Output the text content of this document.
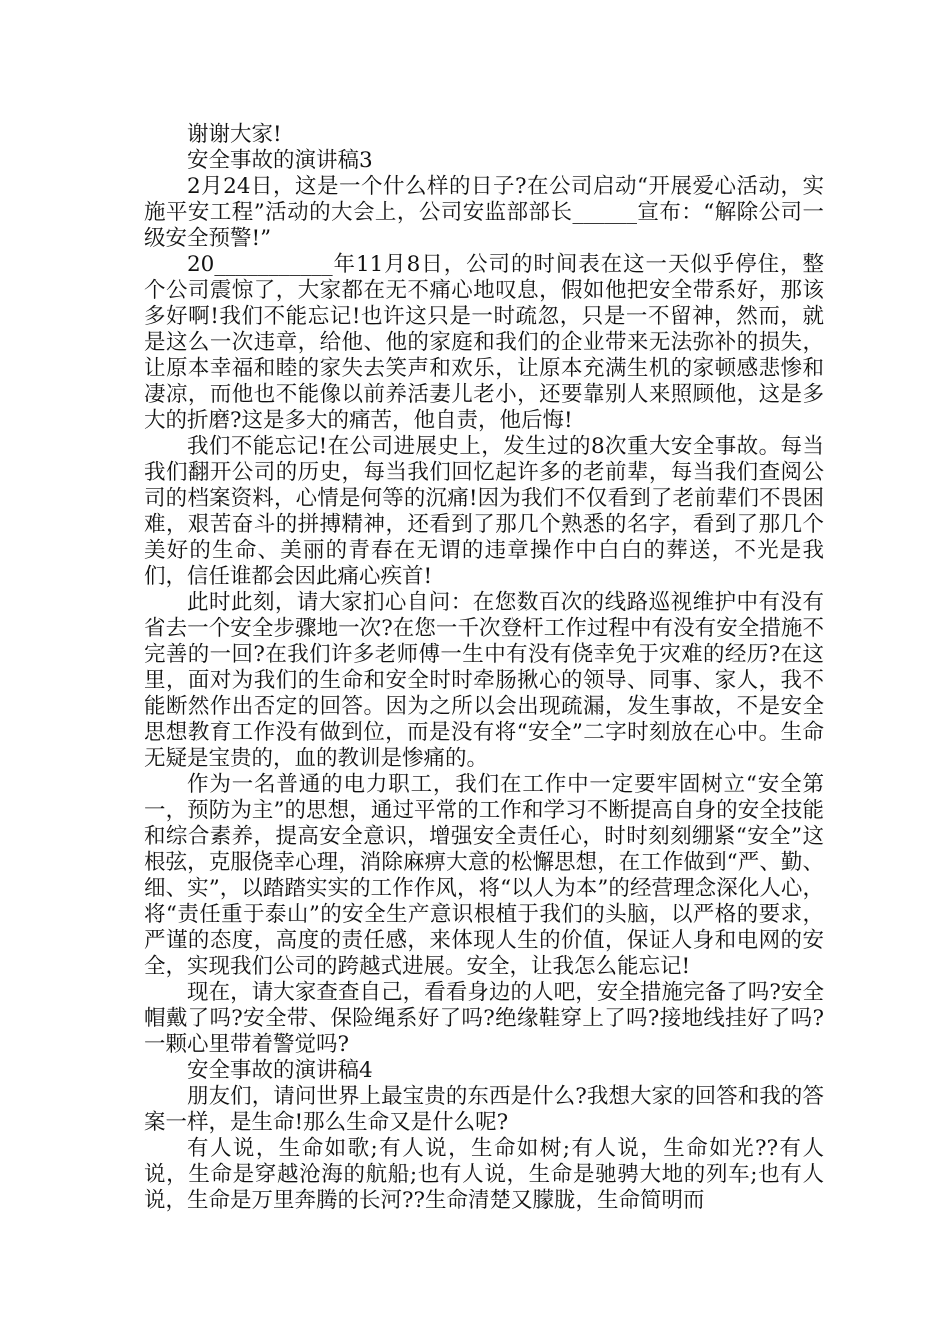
谢谢大家!

安全事故的演讲稿3

2月24日，这是一个什么样的日子?在公司启动“开展爱心活动，实施平安工程”活动的大会上，公司安监部部长______宣布：“解除公司一级安全预警!”

20___________年11月8日，公司的时间表在这一天似乎停住，整个公司震惊了，大家都在无不痛心地叹息，假如他把安全带系好，那该多好啊!我们不能忘记!也许这只是一时疏忽，只是一不留神，然而，就是这么一次违章，给他、他的家庭和我们的企业带来无法弥补的损失，让原本幸福和睦的家失去笑声和欢乐，让原本充满生机的家顿感悲惨和凄凉，而他也不能像以前养活妻儿老小，还要靠别人来照顾他，这是多大的折磨?这是多大的痛苦，他自责，他后悔!

我们不能忘记!在公司进展史上，发生过的8次重大安全事故。每当我们翻开公司的历史，每当我们回忆起许多的老前辈，每当我们查阅公司的档案资料，心情是何等的沉痛!因为我们不仅看到了老前辈们不畏困难，艰苦奋斗的拼搏精神，还看到了那几个熟悉的名字，看到了那几个美好的生命、美丽的青春在无谓的违章操作中白白的葬送，不光是我们，信任谁都会因此痛心疾首!

此时此刻，请大家扪心自问：在您数百次的线路巡视维护中有没有省去一个安全步骤地一次?在您一千次登杆工作过程中有没有安全措施不完善的一回?在我们许多老师傅一生中有没有侥幸免于灾难的经历?在这里，面对为我们的生命和安全时时牵肠揪心的领导、同事、家人，我不能断然作出否定的回答。因为之所以会出现疏漏，发生事故，不是安全思想教育工作没有做到位，而是没有将“安全”二字时刻放在心中。生命无疑是宝贵的，血的教训是惨痛的。

作为一名普通的电力职工，我们在工作中一定要牢固树立“安全第一，预防为主”的思想，通过平常的工作和学习不断提高自身的安全技能和综合素养，提高安全意识，增强安全责任心，时时刻刻绷紧“安全”这根弦，克服侥幸心理，消除麻痹大意的松懈思想，在工作做到“严、勤、细、实”，以踏踏实实的工作作风，将“以人为本”的经营理念深化人心，将“责任重于泰山”的安全生产意识根植于我们的头脑，以严格的要求，严谨的态度，高度的责任感，来体现人生的价值，保证人身和电网的安全，实现我们公司的跨越式进展。安全，让我怎么能忘记!

现在，请大家查查自己，看看身边的人吧，安全措施完备了吗?安全帽戴了吗?安全带、保险绳系好了吗?绝缘鞋穿上了吗?接地线挂好了吗?一颗心里带着警觉吗?

安全事故的演讲稿4

朋友们，请问世界上最宝贵的东西是什么?我想大家的回答和我的答案一样，是生命!那么生命又是什么呢?

有人说，生命如歌;有人说，生命如树;有人说，生命如光??有人说，生命是穿越沧海的航船;也有人说，生命是驰骋大地的列车;也有人说，生命是万里奔腾的长河??生命清楚又朦胧，生命简明而
